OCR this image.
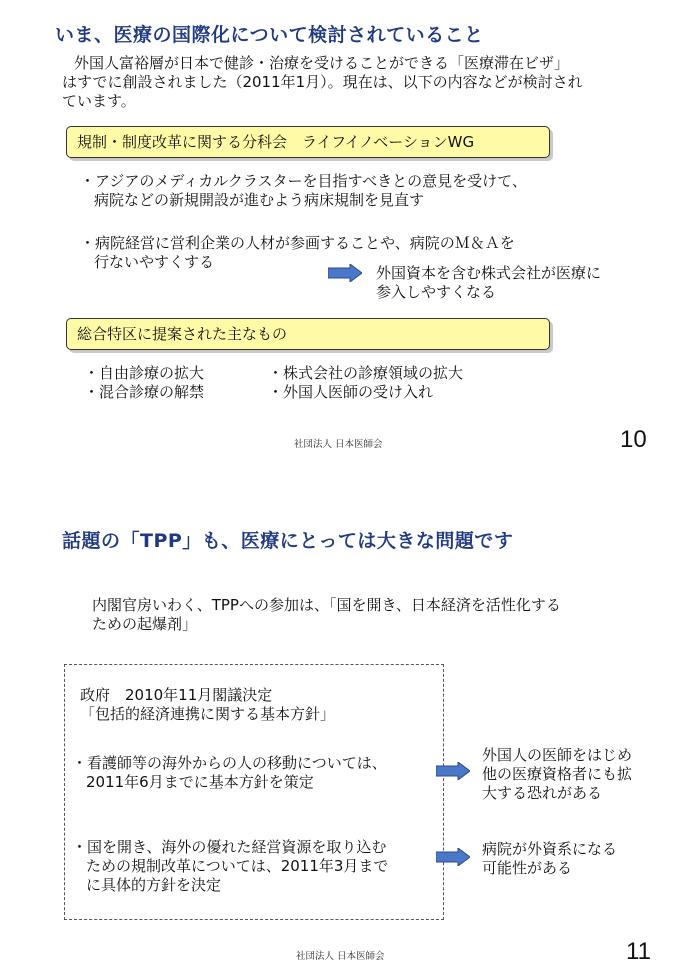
いま、医療の国際化について検討されていること
外国人富裕層が日本で健診・治療を受けることができる「医療滞在ビザ」
はすでに創設されました（2011年1月）。現在は、以下の内容などが検討され
ています。
規制・制度改革に関する分科会　ライフイノベーションWG
・アジアのメディカルクラスターを目指すべきとの意見を受けて、
病院などの新規開設が進むよう病床規制を見直す
・病院経営に営利企業の人材が参画することや、病院のＭ＆Ａを
行ないやすくする
外国資本を含む株式会社が医療に
参入しやすくなる
総合特区に提案された主なもの
・自由診療の拡大
・混合診療の解禁
・株式会社の診療領域の拡大
・外国人医師の受け入れ
社団法人 日本医師会	10
話題の「TPP」も、医療にとっては大きな問題です
内閣官房いわく、TPPへの参加は、「国を開き、日本経済を活性化する
ための起爆剤」
政府　2010年11月閣議決定
「包括的経済連携に関する基本方針」
・看護師等の海外からの人の移動については、
2011年6月までに基本方針を策定
・国を開き、海外の優れた経営資源を取り込む
ための規制改革については、2011年3月まで
に具体的方針を決定
外国人の医師をはじめ
他の医療資格者にも拡
大する恐れがある
病院が外資系になる
可能性がある
社団法人 日本医師会	11
